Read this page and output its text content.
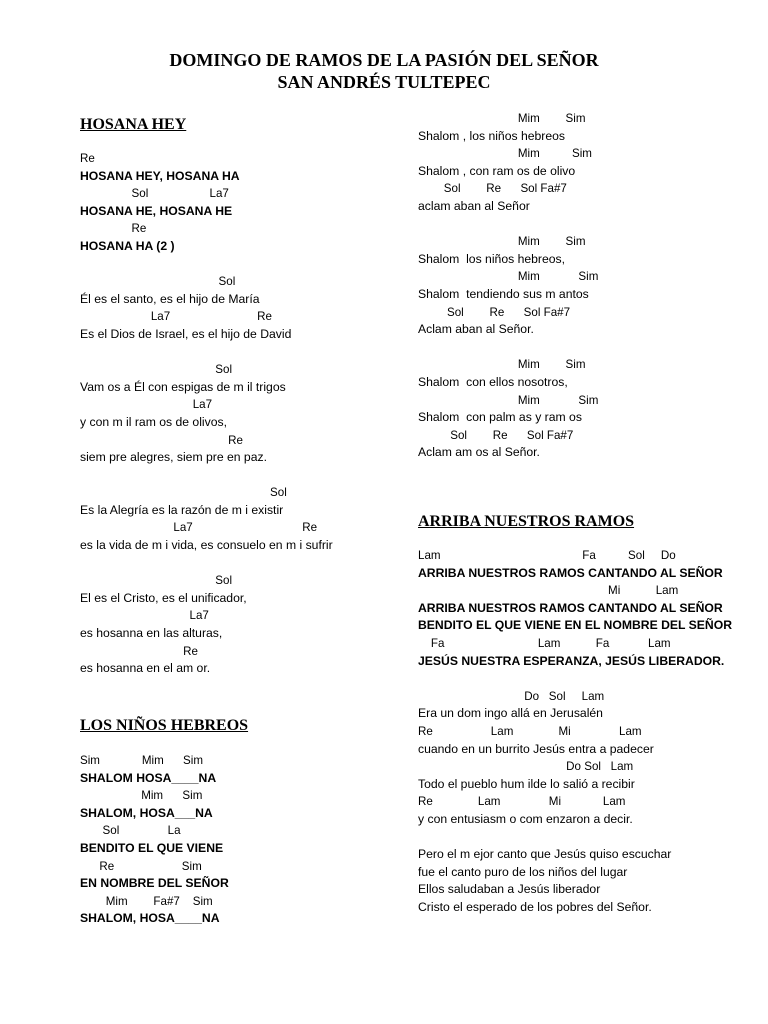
DOMINGO DE RAMOS DE LA PASIÓN DEL SEÑOR
SAN ANDRÉS TULTEPEC
HOSANA HEY
Re
HOSANA HEY, HOSANA HA
Sol                   La7
HOSANA HE, HOSANA HE
Re
HOSANA HA (2 )
Sol
Él es el santo, es el hijo de María
La7                           Re
Es el Dios de Israel, es el hijo de David
Sol
Vam os a Él con espigas de m il trigos
La7
y con m il ram os de olivos,
Re
siem pre alegres, siem pre en paz.
Sol
Es la Alegría es la razón de m i existir
La7                                  Re
es la vida de m i vida, es consuelo en m i sufrir
Sol
El es el Cristo, es el unificador,
La7
es hosanna en las alturas,
Re
es hosanna en el am or.
LOS NIÑOS HEBREOS
Sim             Mim      Sim
SHALOM HOSA____NA
Mim      Sim
SHALOM, HOSA___NA
Sol               La
BENDITO EL QUE VIENE
Re                     Sim
EN NOMBRE DEL SEÑOR
Mim        Fa#7    Sim
SHALOM, HOSA____NA
Mim        Sim
Shalom , los niños hebreos
Mim          Sim
Shalom , con ram os de olivo
Sol        Re      Sol Fa#7
aclam aban al Señor
Mim        Sim
Shalom  los niños hebreos,
Mim            Sim
Shalom  tendiendo sus m antos
Sol        Re      Sol Fa#7
Aclam aban al Señor.
Mim        Sim
Shalom  con ellos nosotros,
Mim            Sim
Shalom  con palm as y ram os
Sol        Re      Sol Fa#7
Aclam am os al Señor.
ARRIBA NUESTROS RAMOS
Lam                                            Fa          Sol     Do
ARRIBA NUESTROS RAMOS CANTANDO AL SEÑOR
Mi           Lam
ARRIBA NUESTROS RAMOS CANTANDO AL SEÑOR
BENDITO EL QUE VIENE EN EL NOMBRE DEL SEÑOR
Fa                             Lam           Fa            Lam
JESÚS NUESTRA ESPERANZA, JESÚS LIBERADOR.
Do   Sol     Lam
Era un dom ingo allá en Jerusalén
Re                  Lam              Mi               Lam
cuando en un burrito Jesús entra a padecer
Do Sol   Lam
Todo el pueblo hum ilde lo salió a recibir
Re              Lam               Mi             Lam
y con entusiasm o com enzaron a decir.
Pero el m ejor canto que Jesús quiso escuchar
fue el canto puro de los niños del lugar
Ellos saludaban a Jesús liberador
Cristo el esperado de los pobres del Señor.
